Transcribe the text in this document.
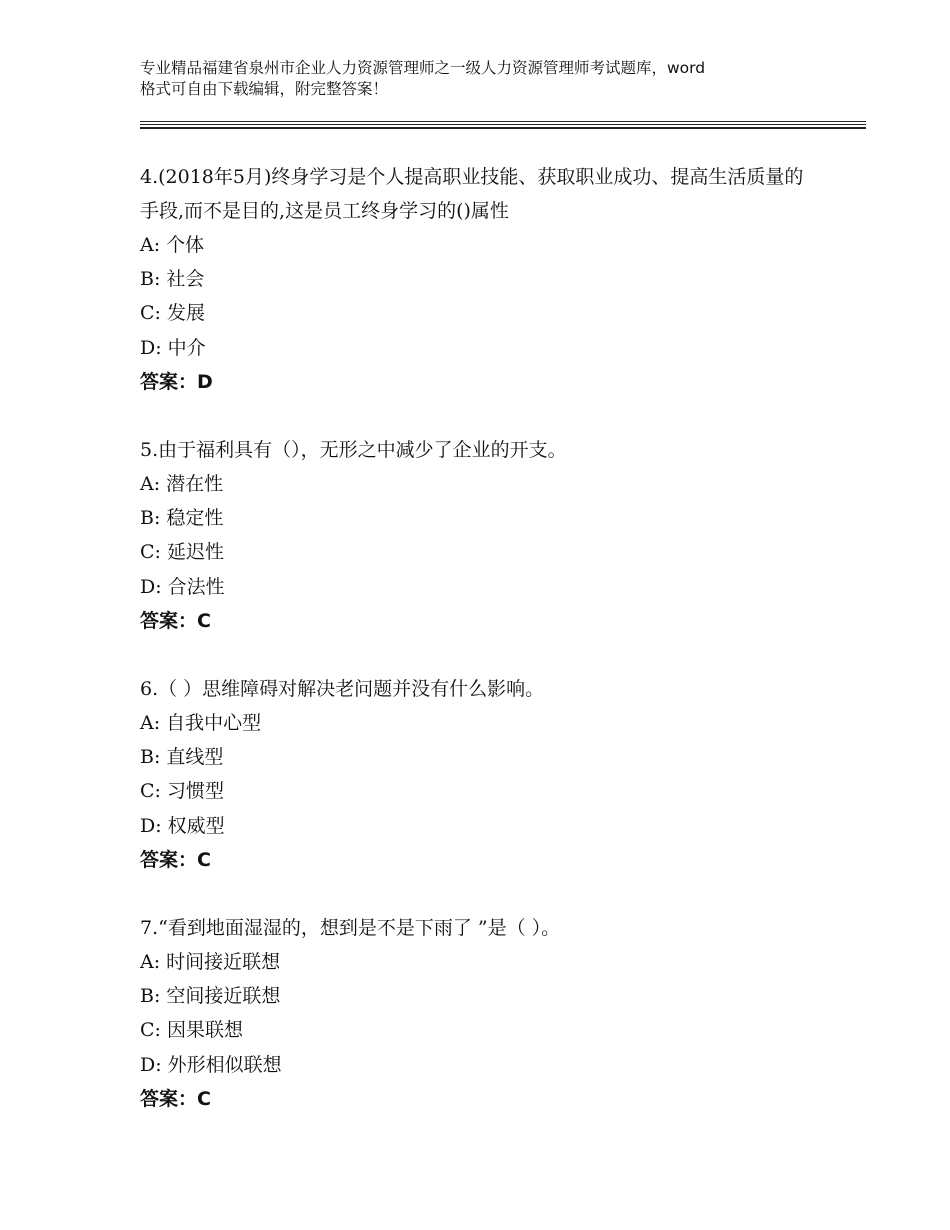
专业精品福建省泉州市企业人力资源管理师之一级人力资源管理师考试题库，word
格式可自由下载编辑，附完整答案！
4.(2018年5月)终身学习是个人提高职业技能、获取职业成功、提高生活质量的手段,而不是目的,这是员工终身学习的()属性
A: 个体
B: 社会
C: 发展
D: 中介
答案：D
5.由于福利具有（），无形之中减少了企业的开支。
A: 潜在性
B: 稳定性
C: 延迟性
D: 合法性
答案：C
6.（ ）思维障碍对解决老问题并没有什么影响。
A: 自我中心型
B: 直线型
C: 习惯型
D: 权威型
答案：C
7.“看到地面湿湿的，想到是不是下雨了 ”是（ ）。
A: 时间接近联想
B: 空间接近联想
C: 因果联想
D: 外形相似联想
答案：C
